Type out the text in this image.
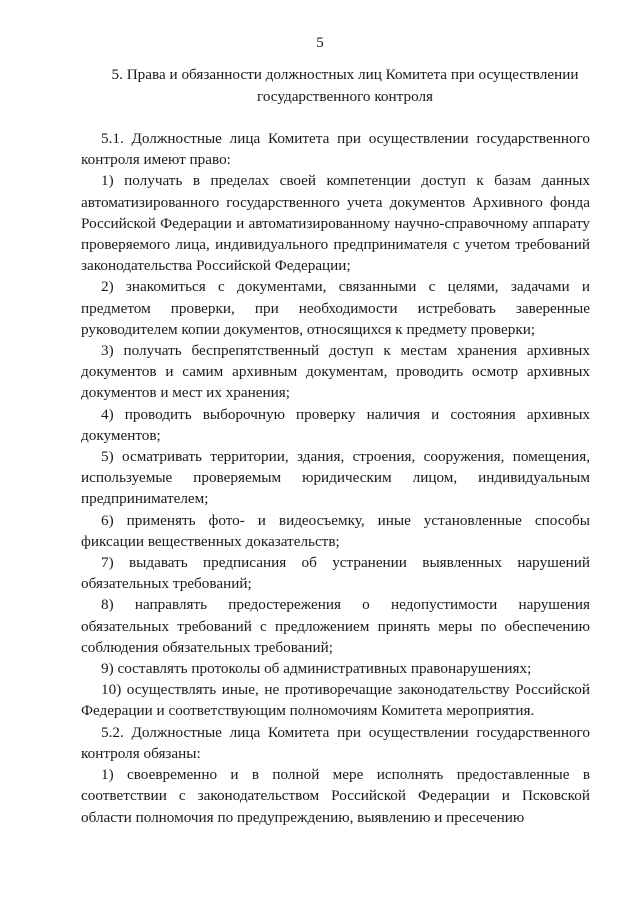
5
5. Права и обязанности должностных лиц Комитета при осуществлении
государственного контроля

5.1. Должностные лица Комитета при осуществлении государственного контроля имеют право:

1) получать в пределах своей компетенции доступ к базам данных автоматизированного государственного учета документов Архивного фонда Российской Федерации и автоматизированному научно-справочному аппарату проверяемого лица, индивидуального предпринимателя с учетом требований законодательства Российской Федерации;

2) знакомиться с документами, связанными с целями, задачами и предметом проверки, при необходимости истребовать заверенные руководителем копии документов, относящихся к предмету проверки;

3) получать беспрепятственный доступ к местам хранения архивных документов и самим архивным документам, проводить осмотр архивных документов и мест их хранения;

4) проводить выборочную проверку наличия и состояния архивных документов;

5) осматривать территории, здания, строения, сооружения, помещения, используемые проверяемым юридическим лицом, индивидуальным предпринимателем;

6) применять фото- и видеосъемку, иные установленные способы фиксации вещественных доказательств;

7) выдавать предписания об устранении выявленных нарушений обязательных требований;

8) направлять предостережения о недопустимости нарушения обязательных требований с предложением принять меры по обеспечению соблюдения обязательных требований;

9) составлять протоколы об административных правонарушениях;

10) осуществлять иные, не противоречащие законодательству Российской Федерации и соответствующим полномочиям Комитета мероприятия.

5.2. Должностные лица Комитета при осуществлении государственного контроля обязаны:

1) своевременно и в полной мере исполнять предоставленные в соответствии с законодательством Российской Федерации и Псковской области полномочия по предупреждению, выявлению и пресечению
